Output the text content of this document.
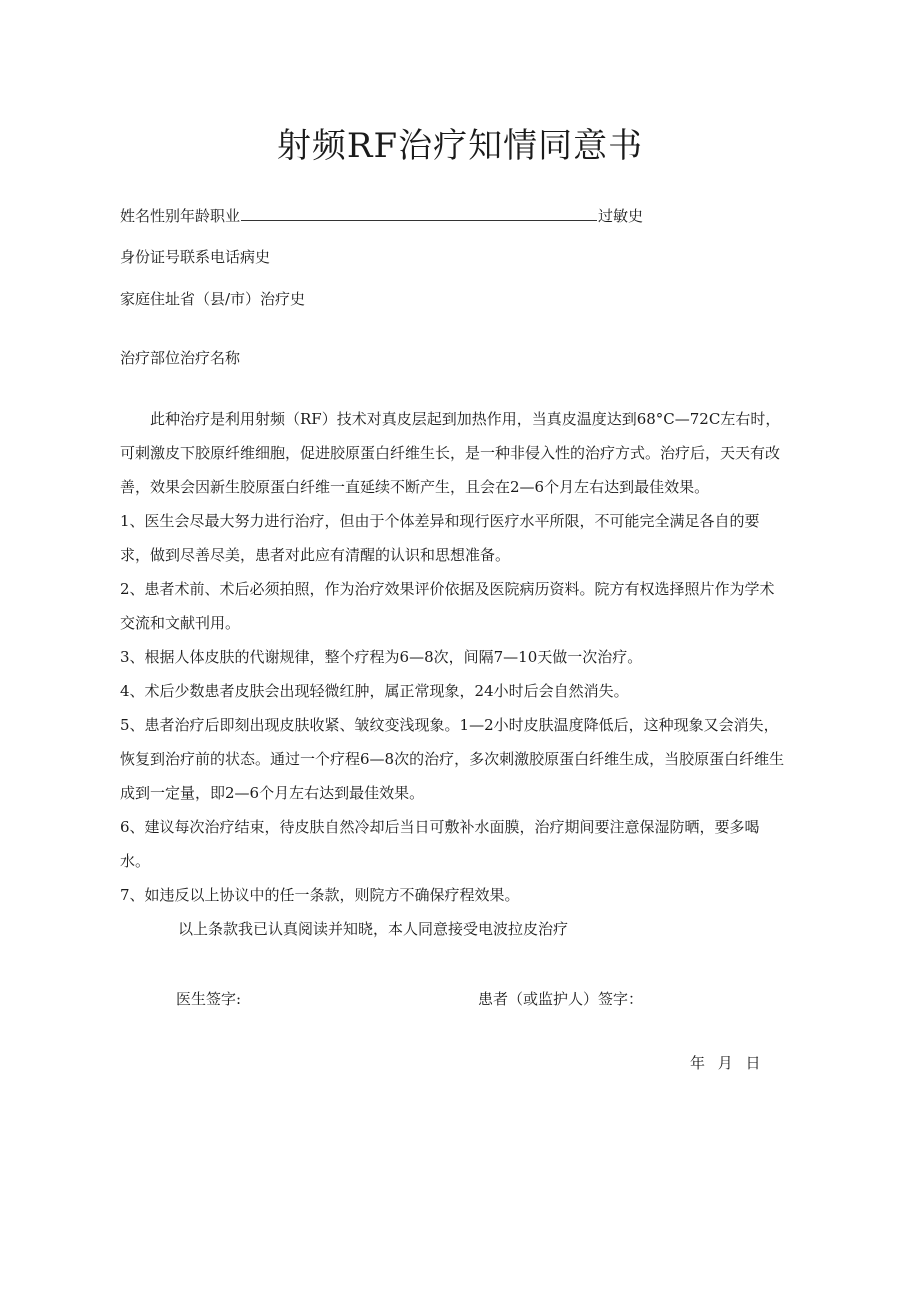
射频RF治疗知情同意书
姓名性别年龄职业	过敏史
身份证号联系电话病史
家庭住址省（县/市）治疗史
治疗部位治疗名称

此种治疗是利用射频（RF）技术对真皮层起到加热作用，当真皮温度达到68°C—72C左右时，可刺激皮下胶原纤维细胞，促进胶原蛋白纤维生长，是一种非侵入性的治疗方式。治疗后，天天有改善，效果会因新生胶原蛋白纤维一直延续不断产生，且会在2—6个月左右达到最佳效果。

1、医生会尽最大努力进行治疗，但由于个体差异和现行医疗水平所限，不可能完全满足各自的要求，做到尽善尽美，患者对此应有清醒的认识和思想准备。

2、患者术前、术后必须拍照，作为治疗效果评价依据及医院病历资料。院方有权选择照片作为学术交流和文献刊用。

3、根据人体皮肤的代谢规律，整个疗程为6—8次，间隔7—10天做一次治疗。

4、术后少数患者皮肤会出现轻微红肿，属正常现象，24小时后会自然消失。

5、患者治疗后即刻出现皮肤收紧、皱纹变浅现象。1—2小时皮肤温度降低后，这种现象又会消失，恢复到治疗前的状态。通过一个疗程6—8次的治疗，多次刺激胶原蛋白纤维生成，当胶原蛋白纤维生成到一定量，即2—6个月左右达到最佳效果。

6、建议每次治疗结束，待皮肤自然冷却后当日可敷补水面膜，治疗期间要注意保湿防晒，要多喝水。

7、如违反以上协议中的任一条款，则院方不确保疗程效果。

以上条款我已认真阅读并知晓，本人同意接受电波拉皮治疗

医生签字:	患者（或监护人）签字：
年 月 日
